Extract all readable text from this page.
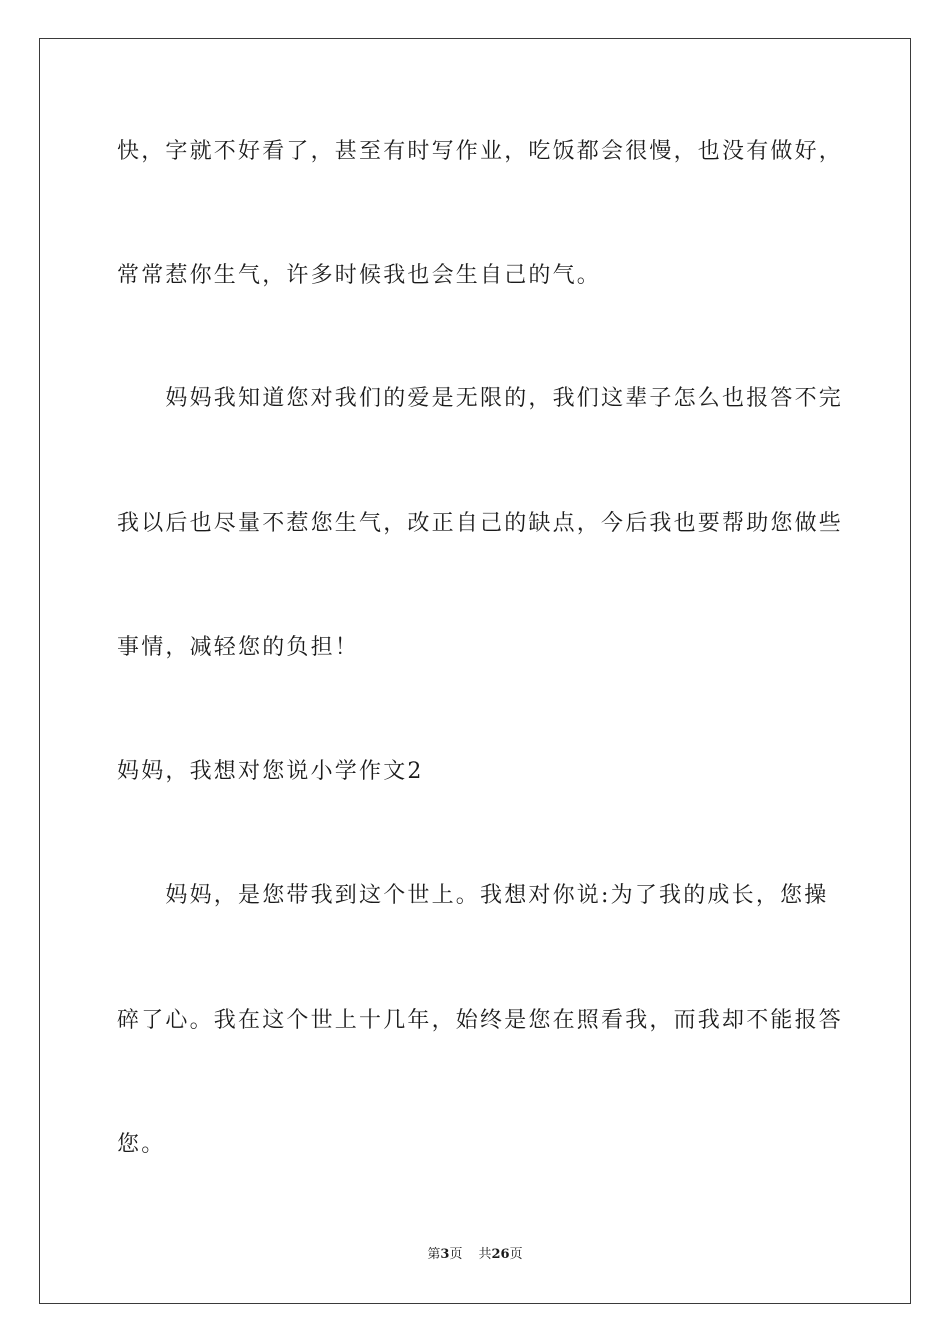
快，字就不好看了，甚至有时写作业，吃饭都会很慢，也没有做好，
常常惹你生气，许多时候我也会生自己的气。
　　妈妈我知道您对我们的爱是无限的，我们这辈子怎么也报答不完
我以后也尽量不惹您生气，改正自己的缺点，今后我也要帮助您做些
事情，减轻您的负担！
妈妈，我想对您说小学作文2
　　妈妈，是您带我到这个世上。我想对你说:为了我的成长，您操
碎了心。我在这个世上十几年，始终是您在照看我，而我却不能报答
您。
第3页 共26页
